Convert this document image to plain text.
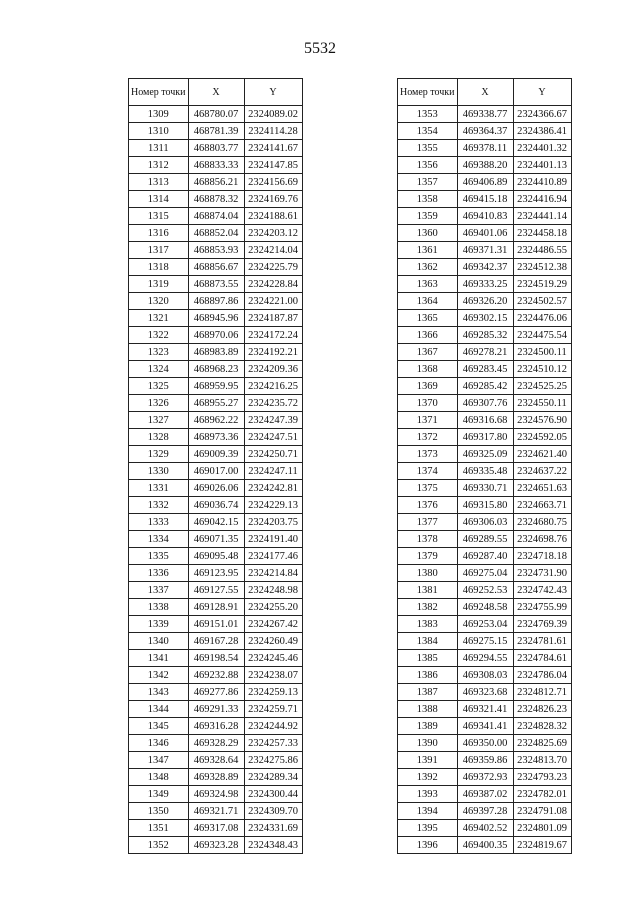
5532
Номер точки	X	Y
1309	468780.07	2324089.02
1310	468781.39	2324114.28
1311	468803.77	2324141.67
1312	468833.33	2324147.85
1313	468856.21	2324156.69
1314	468878.32	2324169.76
1315	468874.04	2324188.61
1316	468852.04	2324203.12
1317	468853.93	2324214.04
1318	468856.67	2324225.79
1319	468873.55	2324228.84
1320	468897.86	2324221.00
1321	468945.96	2324187.87
1322	468970.06	2324172.24
1323	468983.89	2324192.21
1324	468968.23	2324209.36
1325	468959.95	2324216.25
1326	468955.27	2324235.72
1327	468962.22	2324247.39
1328	468973.36	2324247.51
1329	469009.39	2324250.71
1330	469017.00	2324247.11
1331	469026.06	2324242.81
1332	469036.74	2324229.13
1333	469042.15	2324203.75
1334	469071.35	2324191.40
1335	469095.48	2324177.46
1336	469123.95	2324214.84
1337	469127.55	2324248.98
1338	469128.91	2324255.20
1339	469151.01	2324267.42
1340	469167.28	2324260.49
1341	469198.54	2324245.46
1342	469232.88	2324238.07
1343	469277.86	2324259.13
1344	469291.33	2324259.71
1345	469316.28	2324244.92
1346	469328.29	2324257.33
1347	469328.64	2324275.86
1348	469328.89	2324289.34
1349	469324.98	2324300.44
1350	469321.71	2324309.70
1351	469317.08	2324331.69
1352	469323.28	2324348.43
Номер точки	X	Y
1353	469338.77	2324366.67
1354	469364.37	2324386.41
1355	469378.11	2324401.32
1356	469388.20	2324401.13
1357	469406.89	2324410.89
1358	469415.18	2324416.94
1359	469410.83	2324441.14
1360	469401.06	2324458.18
1361	469371.31	2324486.55
1362	469342.37	2324512.38
1363	469333.25	2324519.29
1364	469326.20	2324502.57
1365	469302.15	2324476.06
1366	469285.32	2324475.54
1367	469278.21	2324500.11
1368	469283.45	2324510.12
1369	469285.42	2324525.25
1370	469307.76	2324550.11
1371	469316.68	2324576.90
1372	469317.80	2324592.05
1373	469325.09	2324621.40
1374	469335.48	2324637.22
1375	469330.71	2324651.63
1376	469315.80	2324663.71
1377	469306.03	2324680.75
1378	469289.55	2324698.76
1379	469287.40	2324718.18
1380	469275.04	2324731.90
1381	469252.53	2324742.43
1382	469248.58	2324755.99
1383	469253.04	2324769.39
1384	469275.15	2324781.61
1385	469294.55	2324784.61
1386	469308.03	2324786.04
1387	469323.68	2324812.71
1388	469321.41	2324826.23
1389	469341.41	2324828.32
1390	469350.00	2324825.69
1391	469359.86	2324813.70
1392	469372.93	2324793.23
1393	469387.02	2324782.01
1394	469397.28	2324791.08
1395	469402.52	2324801.09
1396	469400.35	2324819.67
